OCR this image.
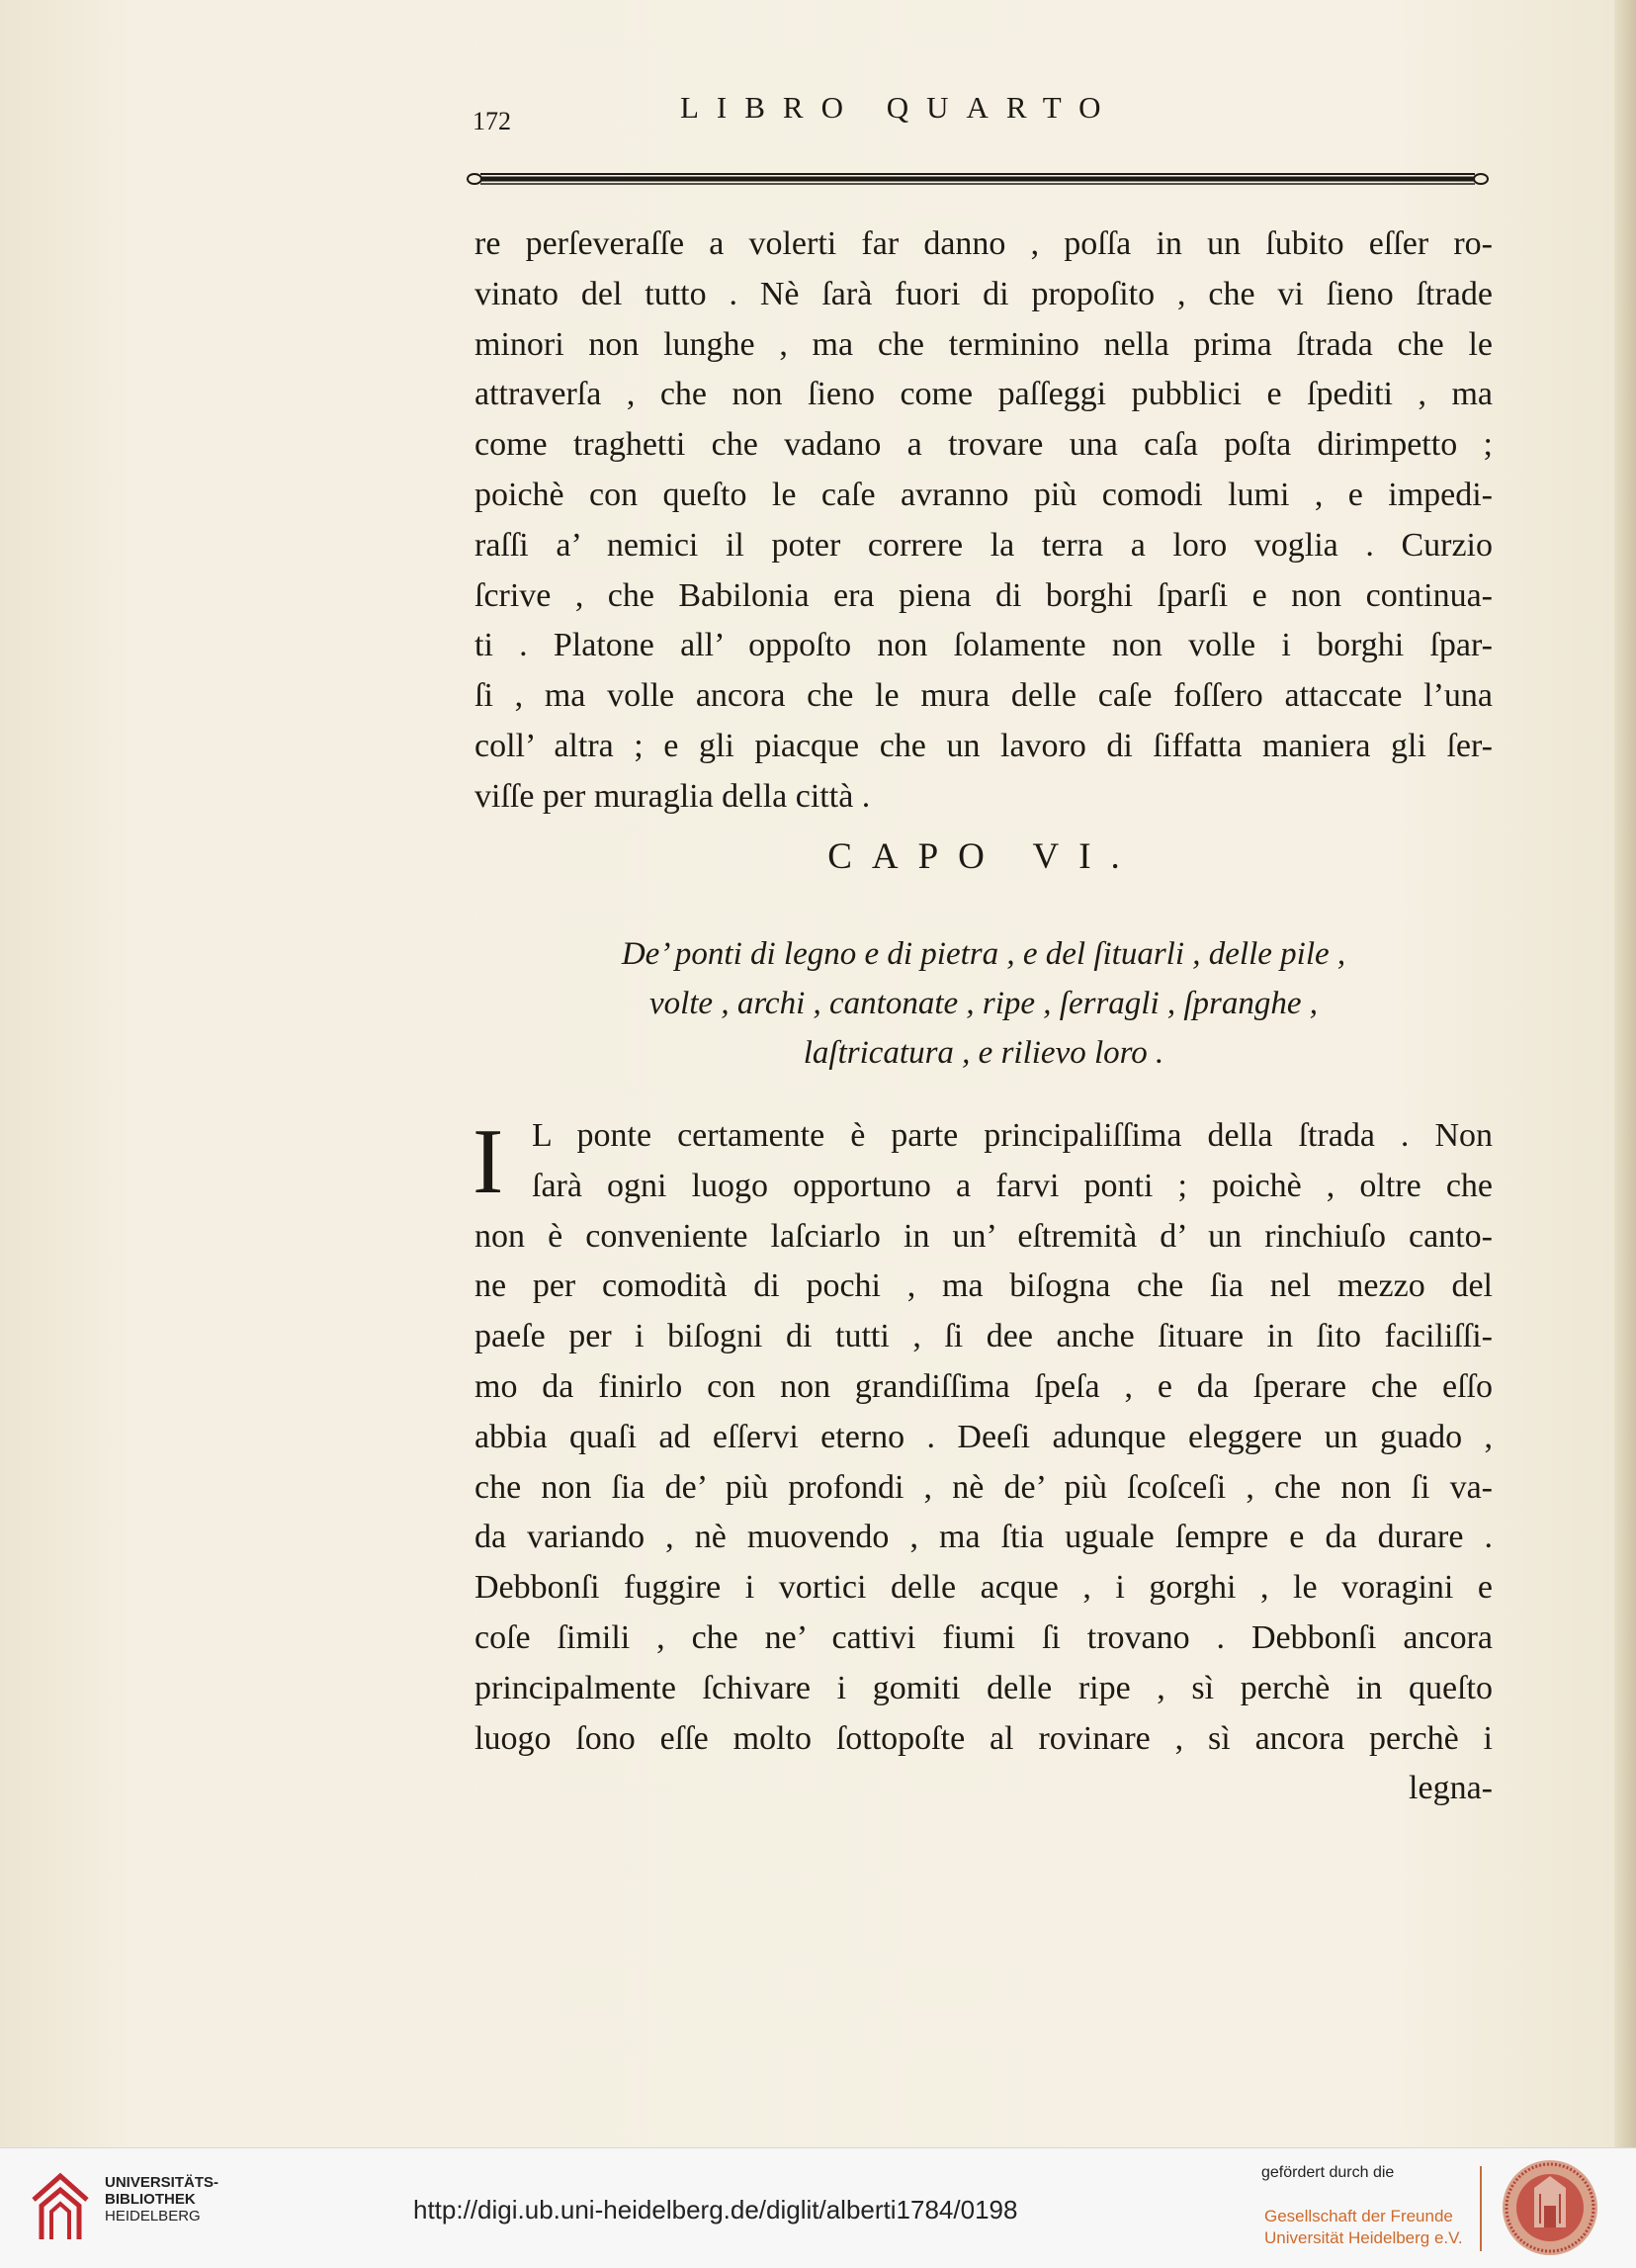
172	LIBRO QUARTO
re perſeveraſſe a volerti far danno , poſſa in un ſubito eſſer ro-
vinato del tutto . Nè ſarà fuori di propoſito , che vi ſieno ſtrade
minori non lunghe , ma che terminino nella prima ſtrada che le
attraverſa , che non ſieno come paſſeggi pubblici e ſpediti , ma
come traghetti che vadano a trovare una caſa poſta dirimpetto ;
poichè con queſto le caſe avranno più comodi lumi , e impedi-
raſſi a’ nemici il poter correre la terra a loro voglia . Curzio
ſcrive , che Babilonia era piena di borghi ſparſi e non continua-
ti . Platone all’ oppoſto non ſolamente non volle i borghi ſpar-
ſi , ma volle ancora che le mura delle caſe foſſero attaccate l’una
coll’ altra ; e gli piacque che un lavoro di ſiffatta maniera gli ſer-
viſſe per muraglia della città .
CAPO VI.
De’ ponti di legno e di pietra , e del ſituarli , delle pile ,
volte , archi , cantonate , ripe , ſerragli , ſpranghe ,
laſtricatura , e rilievo loro .
I L ponte certamente è parte principaliſſima della ſtrada . Non
ſarà ogni luogo opportuno a farvi ponti ; poichè , oltre che
non è conveniente laſciarlo in un’ eſtremità d’ un rinchiuſo canto-
ne per comodità di pochi , ma biſogna che ſia nel mezzo del
paeſe per i biſogni di tutti , ſi dee anche ſituare in ſito faciliſſi-
mo da finirlo con non grandiſſima ſpeſa , e da ſperare che eſſo
abbia quaſi ad eſſervi eterno . Deeſi adunque eleggere un guado ,
che non ſia de’ più profondi , nè de’ più ſcoſceſi , che non ſi va-
da variando , nè muovendo , ma ſtia uguale ſempre e da durare .
Debbonſi fuggire i vortici delle acque , i gorghi , le voragini e
coſe ſimili , che ne’ cattivi fiumi ſi trovano . Debbonſi ancora
principalmente ſchivare i gomiti delle ripe , sì perchè in queſto
luogo ſono eſſe molto ſottopoſte al rovinare , sì ancora perchè i
legna-
UNIVERSITÄTS-
BIBLIOTHEK
HEIDELBERG	http://digi.ub.uni-heidelberg.de/diglit/alberti1784/0198
gefördert durch die
Gesellschaft der Freunde
Universität Heidelberg e.V.
